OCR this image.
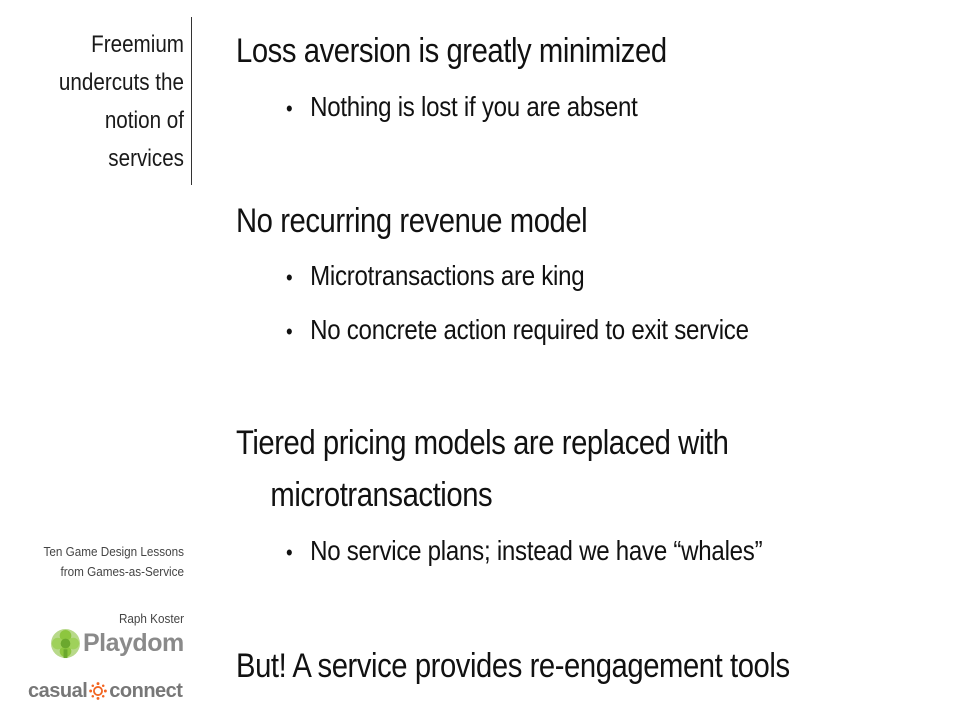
Freemium
undercuts the
notion of
services
Loss aversion is greatly minimized
• Nothing is lost if you are absent
No recurring revenue model
• Microtransactions are king
• No concrete action required to exit service
Tiered pricing models are replaced with
microtransactions
• No service plans; instead we have “whales”
But! A service provides re-engagement tools
Ten Game Design Lessons
from Games-as-Service
Raph Koster
Playdom
casual connect
